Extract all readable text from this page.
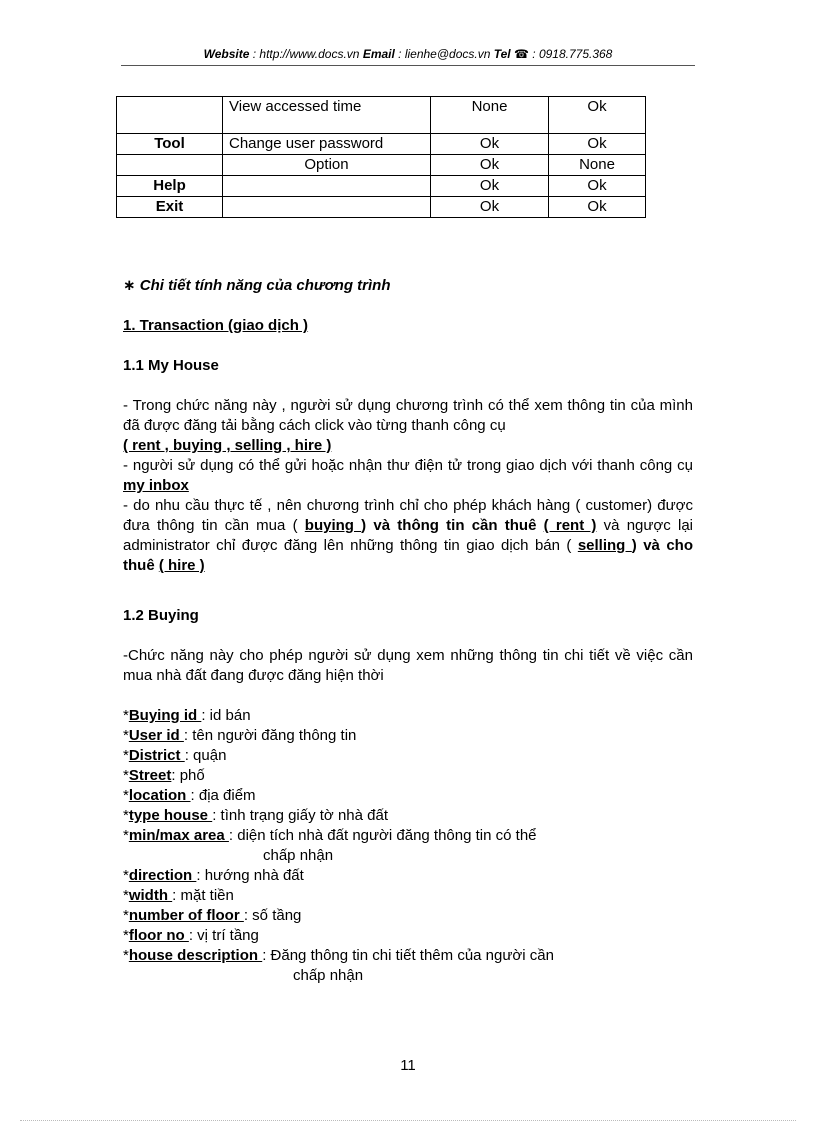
Website : http://www.docs.vn Email : lienhe@docs.vn Tel ☎ : 0918.775.368
	View accessed time	None	Ok
Tool	Change user password	Ok	Ok
	Option	Ok	None
Help		Ok	Ok
Exit		Ok	Ok

∗ Chi tiết tính năng của chương trình

1. Transaction (giao dịch )

1.1 My House

- Trong chức năng này , người sử dụng chương trình có thể xem thông tin của mình đã được đăng tải bằng cách click vào từng thanh công cụ
( rent , buying , selling , hire )

- người sử dụng có thể gửi hoặc nhận thư điện tử trong giao dịch với thanh công cụ my inbox

- do nhu cầu thực tế , nên chương trình chỉ cho phép khách hàng ( customer) được đưa thông tin cần mua ( buying ) và thông tin cần thuê ( rent ) và ngược lại administrator chỉ được đăng lên những thông tin giao dịch bán ( selling ) và cho thuê ( hire )

1.2 Buying

-Chức năng này cho phép người sử dụng xem những thông tin chi tiết về việc cần mua nhà đất đang được đăng hiện thời

*Buying id : id bán

*User id : tên người đăng thông tin

*District : quận

*Street: phố

*location : địa điểm

*type house : tình trạng giấy tờ nhà đất

*min/max area : diện tích nhà đất người đăng thông tin có thể

chấp nhận

*direction : hướng nhà đất

*width : mặt tiền

*number of floor : số tầng

*floor no : vị trí tầng

*house description : Đăng thông tin chi tiết thêm của người cần

chấp nhận

11
